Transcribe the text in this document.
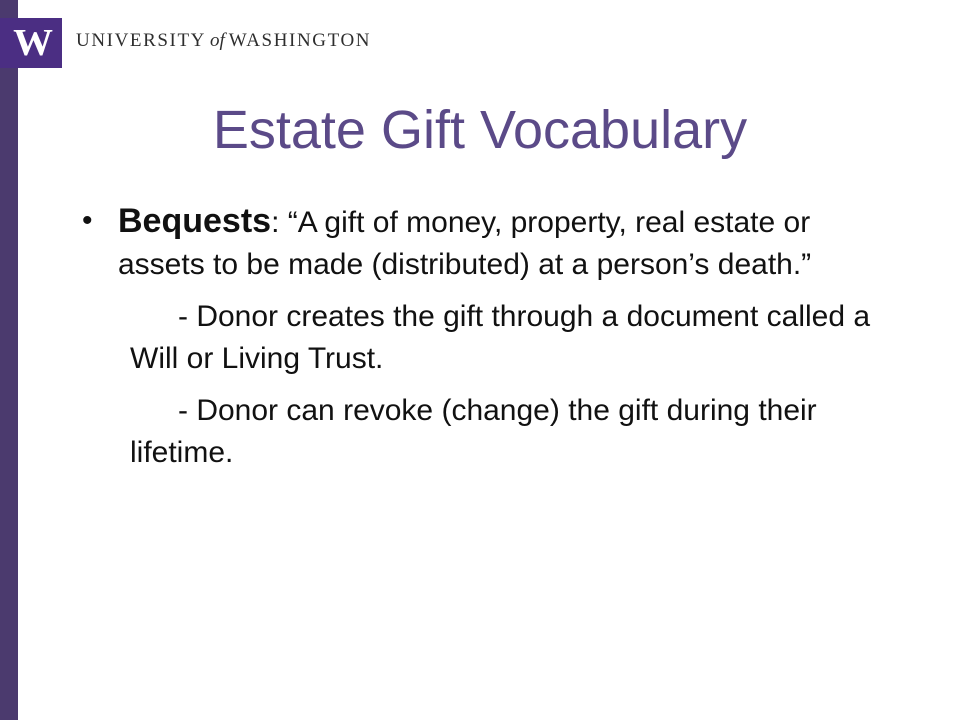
W UNIVERSITY of WASHINGTON
Estate Gift Vocabulary
• Bequests: “A gift of money, property, real estate or assets to be made (distributed) at a person’s death.”
- Donor creates the gift through a document called a Will or Living Trust.
- Donor can revoke (change) the gift during their lifetime.
